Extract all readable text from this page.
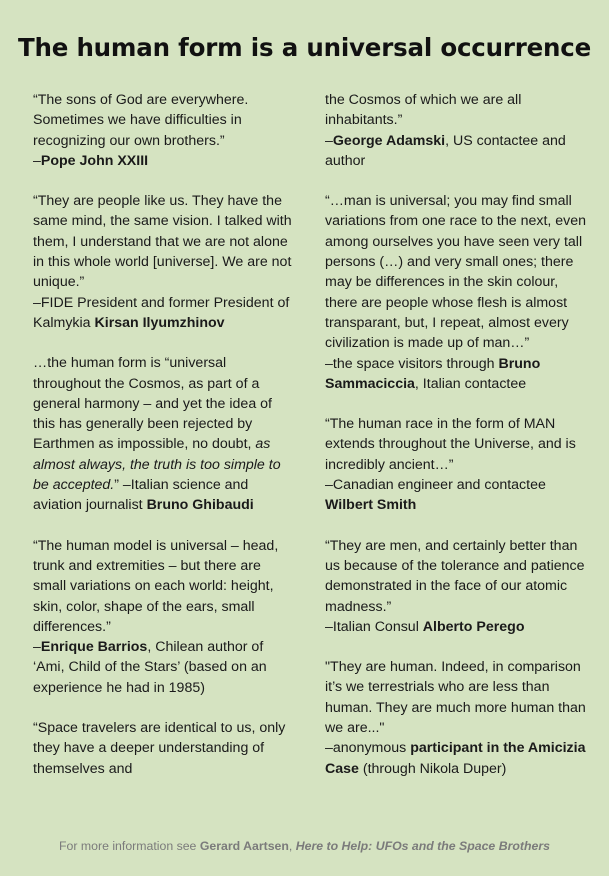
The human form is a universal occurrence

“The sons of God are everywhere. Sometimes we have difficulties in recognizing our own brothers.”

–Pope John XXIII

“They are people like us. They have the same mind, the same vision. I talked with them, I understand that we are not alone in this whole world [universe]. We are not unique.”

–FIDE President and former President of Kalmykia Kirsan Ilyumzhinov

…the human form is “universal throughout the Cosmos, as part of a general harmony – and yet the idea of this has generally been rejected by Earthmen as impossible, no doubt, as almost always, the truth is too simple to be accepted.” –Italian science and aviation journalist Bruno Ghibaudi

“The human model is universal – head, trunk and extremities – but there are small variations on each world: height, skin, color, shape of the ears, small differences.”

–Enrique Barrios, Chilean author of ‘Ami, Child of the Stars’ (based on an experience he had in 1985)

“Space travelers are identical to us, only they have a deeper understanding of themselves and

the Cosmos of which we are all inhabitants.”

–George Adamski, US contactee and author

“…man is universal; you may find small variations from one race to the next, even among ourselves you have seen very tall persons (…) and very small ones; there may be differences in the skin colour, there are people whose flesh is almost transparant, but, I repeat, almost every civilization is made up of man…”

–the space visitors through Bruno Sammaciccia, Italian contactee

“The human race in the form of MAN extends throughout the Universe, and is incredibly ancient…”

–Canadian engineer and contactee Wilbert Smith

“They are men, and certainly better than us because of the tolerance and patience demonstrated in the face of our atomic madness.”

–Italian Consul Alberto Perego

"They are human. Indeed, in comparison it’s we terrestrials who are less than human. They are much more human than we are..."

–anonymous participant in the Amicizia Case (through Nikola Duper)

For more information see Gerard Aartsen, Here to Help: UFOs and the Space Brothers
